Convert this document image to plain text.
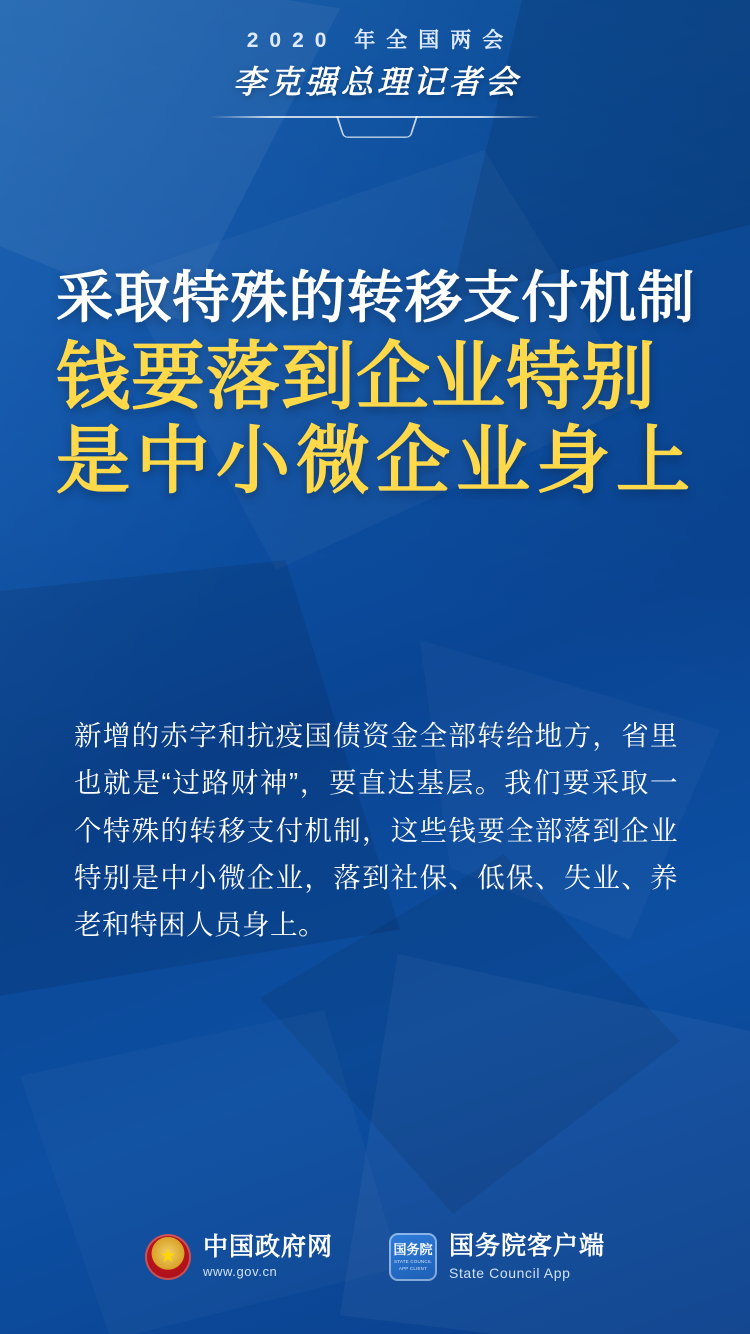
2020 年全国两会
李克强总理记者会
采取特殊的转移支付机制
钱要落到企业特别
是中小微企业身上
新增的赤字和抗疫国债资金全部转给地方，省里也就是“过路财神”，要直达基层。我们要采取一个特殊的转移支付机制，这些钱要全部落到企业特别是中小微企业，落到社保、低保、失业、养老和特困人员身上。
★
中国政府网
www.gov.cn
国务院
STATE COUNCIL
APP CLIENT
国务院客户端
State Council App
